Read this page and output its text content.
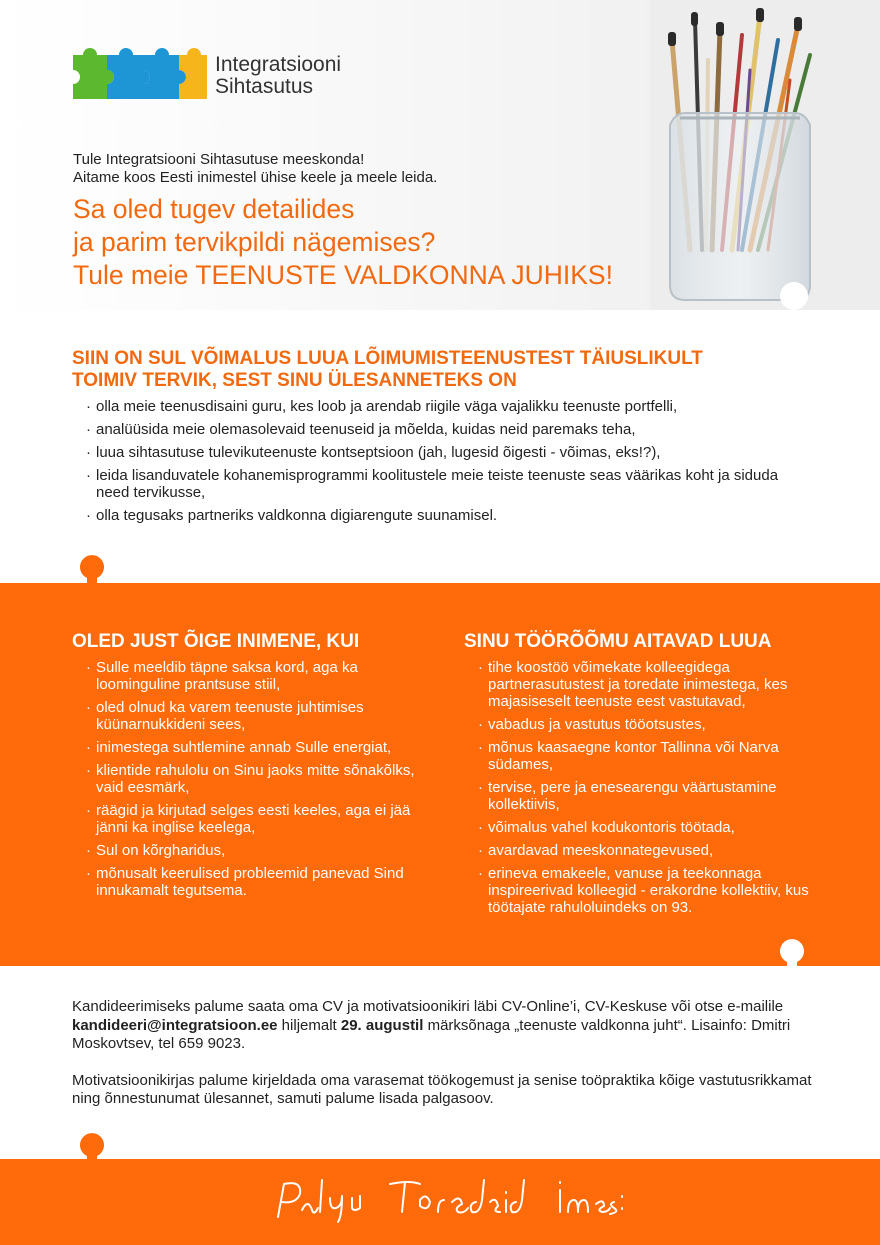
Integratsiooni
Sihtasutus
Tule Integratsiooni Sihtasutuse meeskonda!
Aitame koos Eesti inimestel ühise keele ja meele leida.
Sa oled tugev detailides
ja parim tervikpildi nägemises?
Tule meie TEENUSTE VALDKONNA JUHIKS!
SIIN ON SUL VÕIMALUS LUUA LÕIMUMISTEENUSTEST TÄIUSLIKULT
TOIMIV TERVIK, SEST SINU ÜLESANNETEKS ON
· olla meie teenusdisaini guru, kes loob ja arendab riigile väga vajalikku teenuste portfelli,
· analüüsida meie olemasolevaid teenuseid ja mõelda, kuidas neid paremaks teha,
· luua sihtasutuse tulevikuteenuste kontseptsioon (jah, lugesid õigesti - võimas, eks!?),
· leida lisanduvatele kohanemisprogrammi koolitustele meie teiste teenuste seas väärikas koht ja siduda need tervikusse,
· olla tegusaks partneriks valdkonna digiarengute suunamisel.
OLED JUST ÕIGE INIMENE, KUI
· Sulle meeldib täpne saksa kord, aga ka loominguline prantsuse stiil,
· oled olnud ka varem teenuste juhtimises küünarnukkideni sees,
· inimestega suhtlemine annab Sulle energiat,
· klientide rahulolu on Sinu jaoks mitte sõnakõlks, vaid eesmärk,
· räägid ja kirjutad selges eesti keeles, aga ei jää jänni ka inglise keelega,
· Sul on kõrgharidus,
· mõnusalt keerulised probleemid panevad Sind innukamalt tegutsema.
SINU TÖÖRÕÕMU AITAVAD LUUA
· tihe koostöö võimekate kolleegidega partnerasutustest ja toredate inimestega, kes majasiseselt teenuste eest vastutavad,
· vabadus ja vastutus tööotsustes,
· mõnus kaasaegne kontor Tallinna või Narva südames,
· tervise, pere ja enesearengu väärtustamine kollektiivis,
· võimalus vahel kodukontoris töötada,
· avardavad meeskonnategevused,
· erineva emakeele, vanuse ja teekonnaga inspireerivad kolleegid - erakordne kollektiiv, kus töötajate rahuloluindeks on 93.

Kandideerimiseks palume saata oma CV ja motivatsioonikiri läbi CV-Online’i, CV-Keskuse või otse e-mailile kandideeri@integratsioon.ee hiljemalt 29. augustil märksõnaga „teenuste valdkonna juht“. Lisainfo: Dmitri Moskovtsev, tel 659 9023.

Motivatsioonikirjas palume kirjeldada oma varasemat töökogemust ja senise toöpraktika kõige vastutusrikkamat ning õnnestunumat ülesannet, samuti palume lisada palgasoov.
